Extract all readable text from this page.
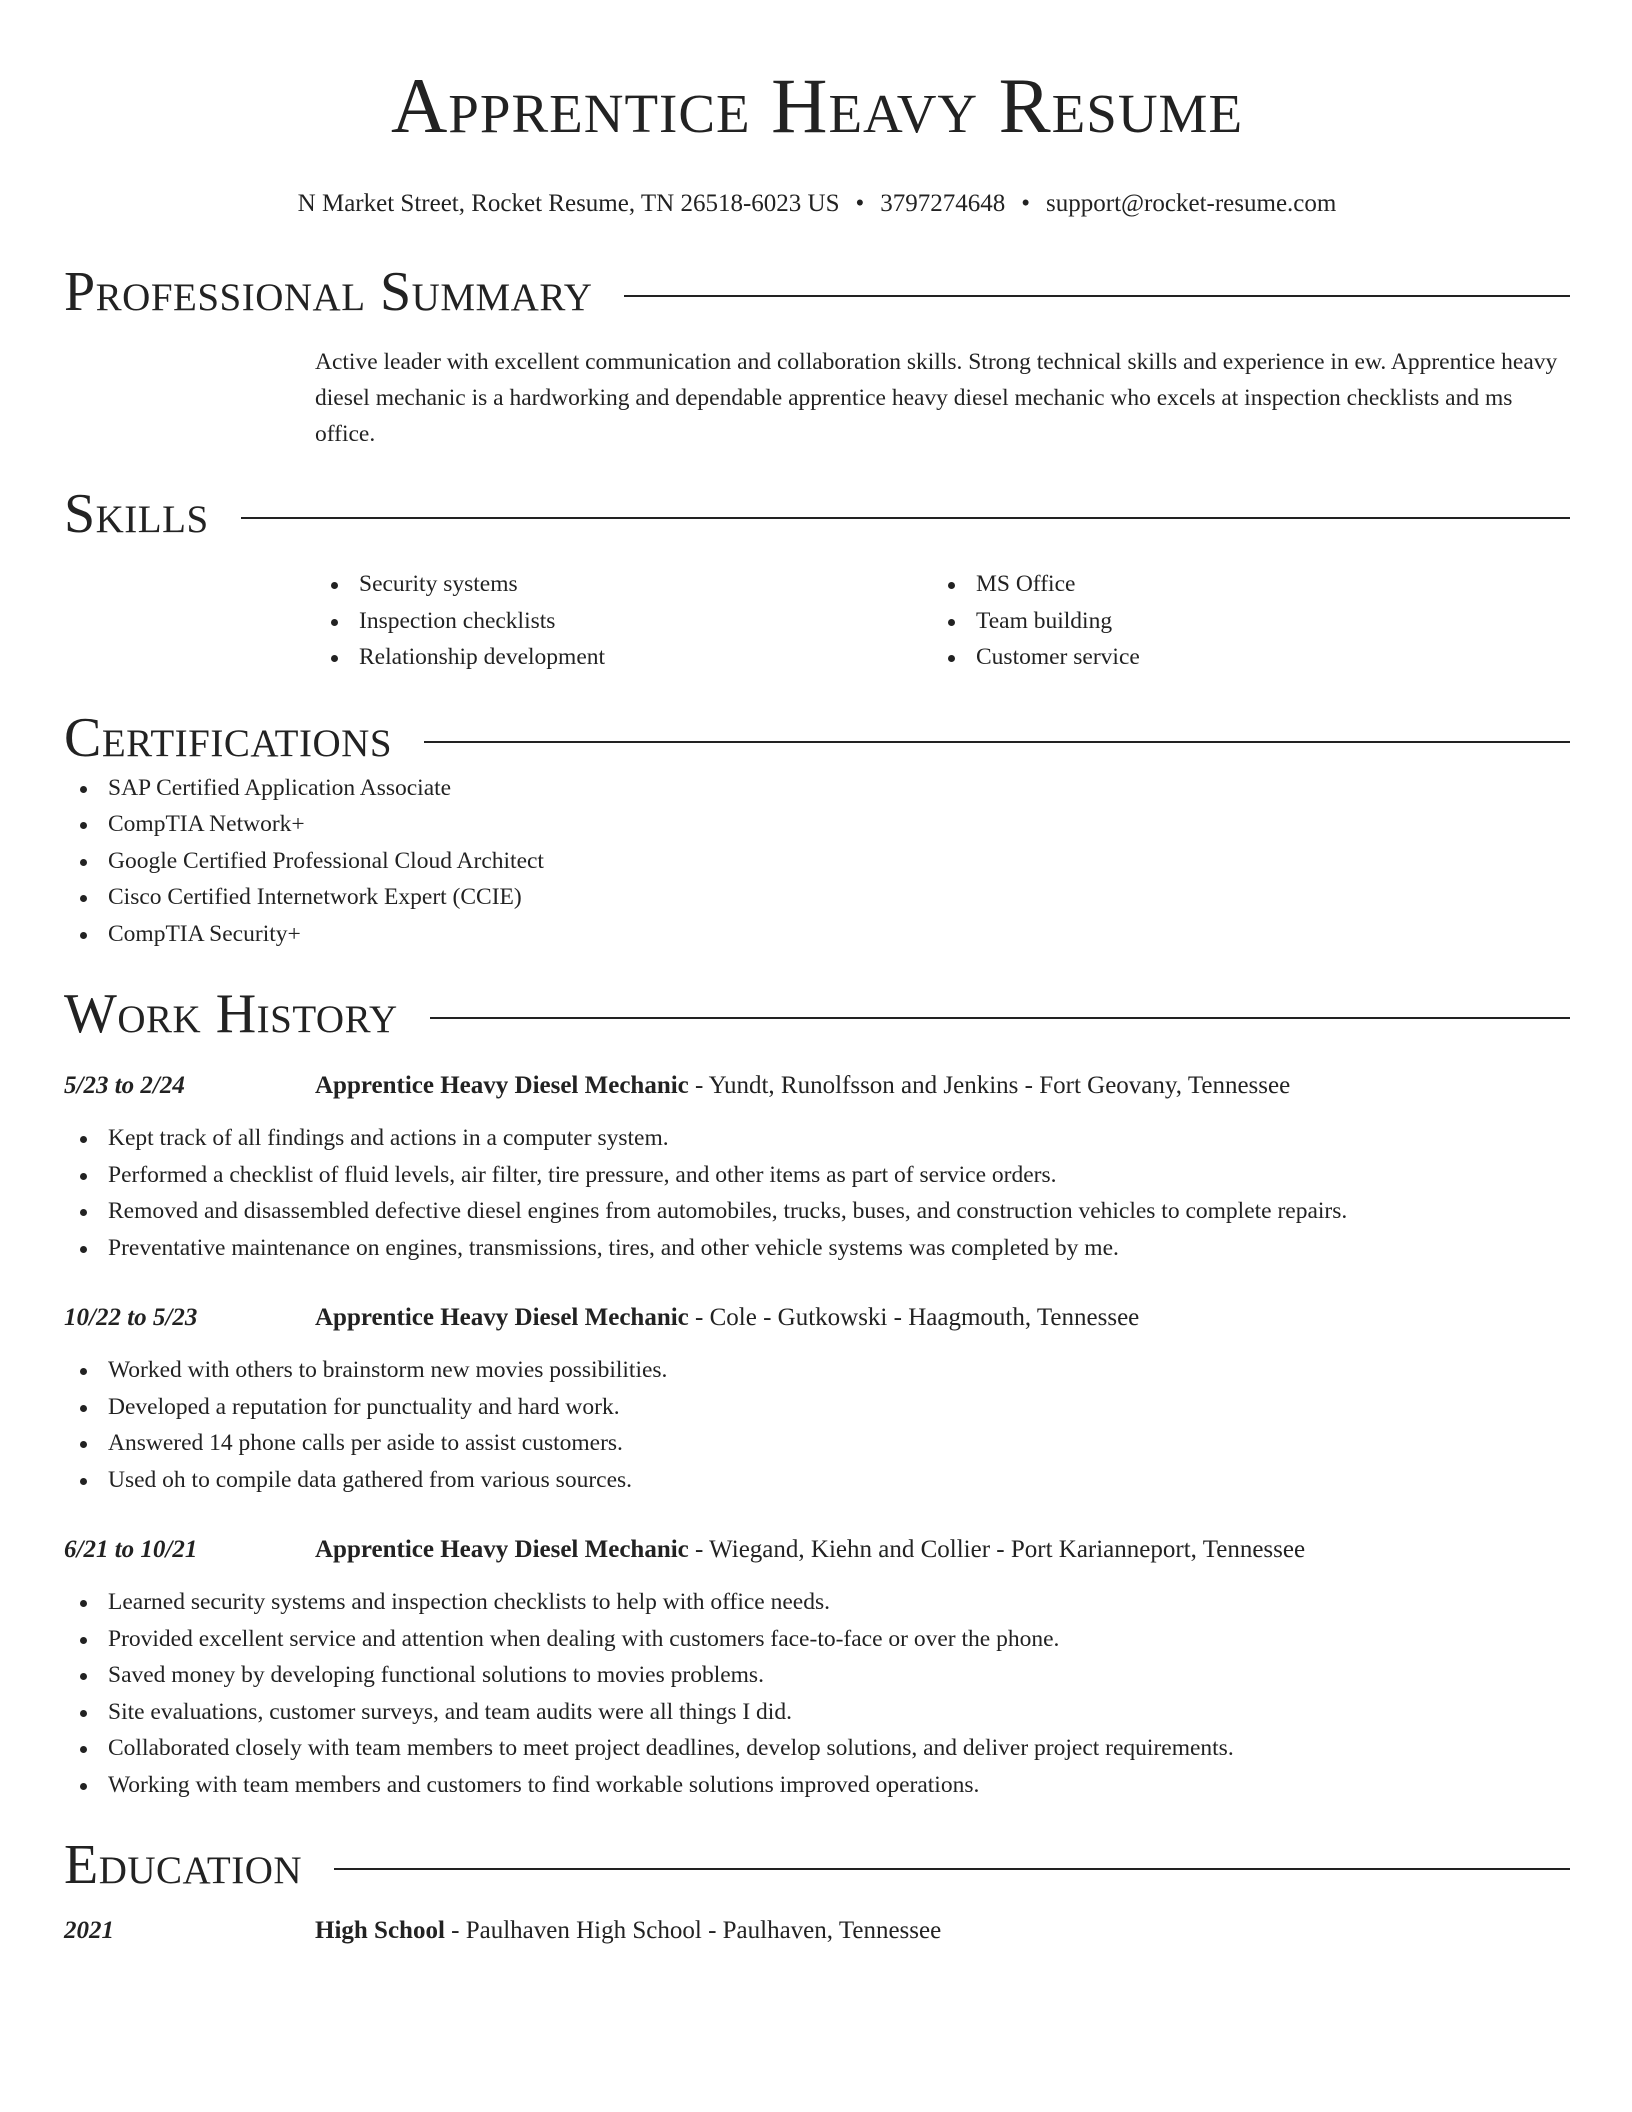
Apprentice Heavy Resume
N Market Street, Rocket Resume, TN 26518-6023 US • 3797274648 • support@rocket-resume.com
Professional Summary
Active leader with excellent communication and collaboration skills. Strong technical skills and experience in ew. Apprentice heavy diesel mechanic is a hardworking and dependable apprentice heavy diesel mechanic who excels at inspection checklists and ms office.
Skills
Security systems
Inspection checklists
Relationship development
MS Office
Team building
Customer service
Certifications
SAP Certified Application Associate
CompTIA Network+
Google Certified Professional Cloud Architect
Cisco Certified Internetwork Expert (CCIE)
CompTIA Security+
Work History
5/23 to 2/24	Apprentice Heavy Diesel Mechanic - Yundt, Runolfsson and Jenkins - Fort Geovany, Tennessee
Kept track of all findings and actions in a computer system.
Performed a checklist of fluid levels, air filter, tire pressure, and other items as part of service orders.
Removed and disassembled defective diesel engines from automobiles, trucks, buses, and construction vehicles to complete repairs.
Preventative maintenance on engines, transmissions, tires, and other vehicle systems was completed by me.
10/22 to 5/23	Apprentice Heavy Diesel Mechanic - Cole - Gutkowski - Haagmouth, Tennessee
Worked with others to brainstorm new movies possibilities.
Developed a reputation for punctuality and hard work.
Answered 14 phone calls per aside to assist customers.
Used oh to compile data gathered from various sources.
6/21 to 10/21	Apprentice Heavy Diesel Mechanic - Wiegand, Kiehn and Collier - Port Karianneport, Tennessee
Learned security systems and inspection checklists to help with office needs.
Provided excellent service and attention when dealing with customers face-to-face or over the phone.
Saved money by developing functional solutions to movies problems.
Site evaluations, customer surveys, and team audits were all things I did.
Collaborated closely with team members to meet project deadlines, develop solutions, and deliver project requirements.
Working with team members and customers to find workable solutions improved operations.
Education
2021	High School - Paulhaven High School - Paulhaven, Tennessee
